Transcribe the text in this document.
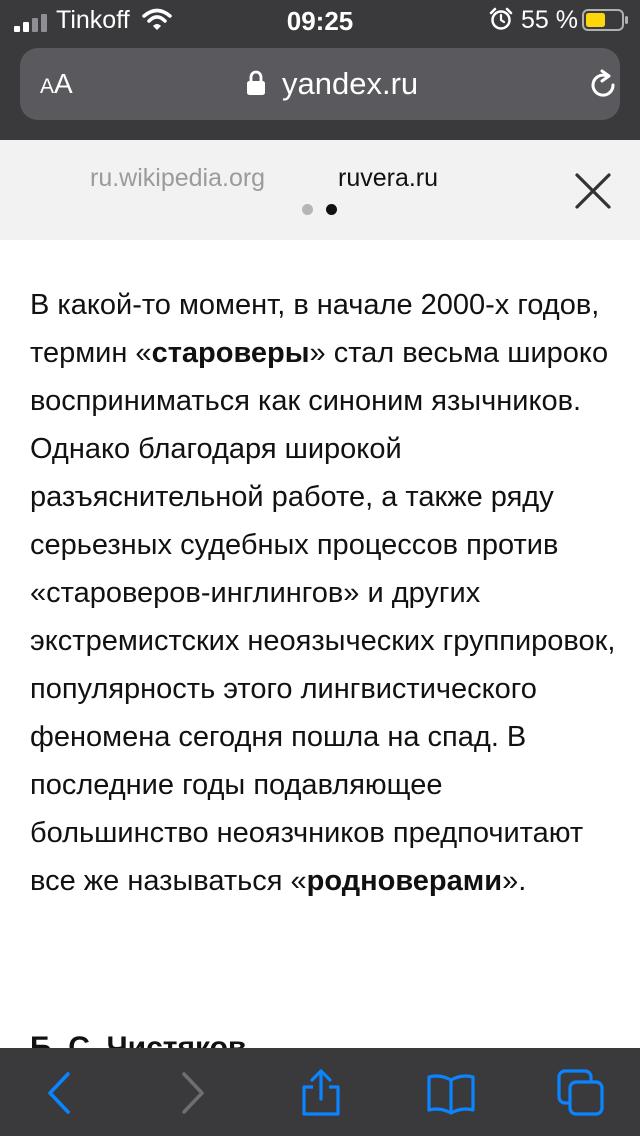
Tinkoff	09:25	55 %
AA	yandex.ru
ru.wikipedia.org	ruvera.ru

В какой-то момент, в начале 2000-х годов, термин «староверы» стал весьма широко восприниматься как синоним язычников.

Однако благодаря широкой разъяснительной работе, а также ряду серьезных судебных процессов против «староверов-инглингов» и других экстремистских неоязыческих группировок, популярность этого лингвистического феномена сегодня пошла на спад. В последние годы подавляющее большинство неоязчников предпочитают все же называться «родноверами».
